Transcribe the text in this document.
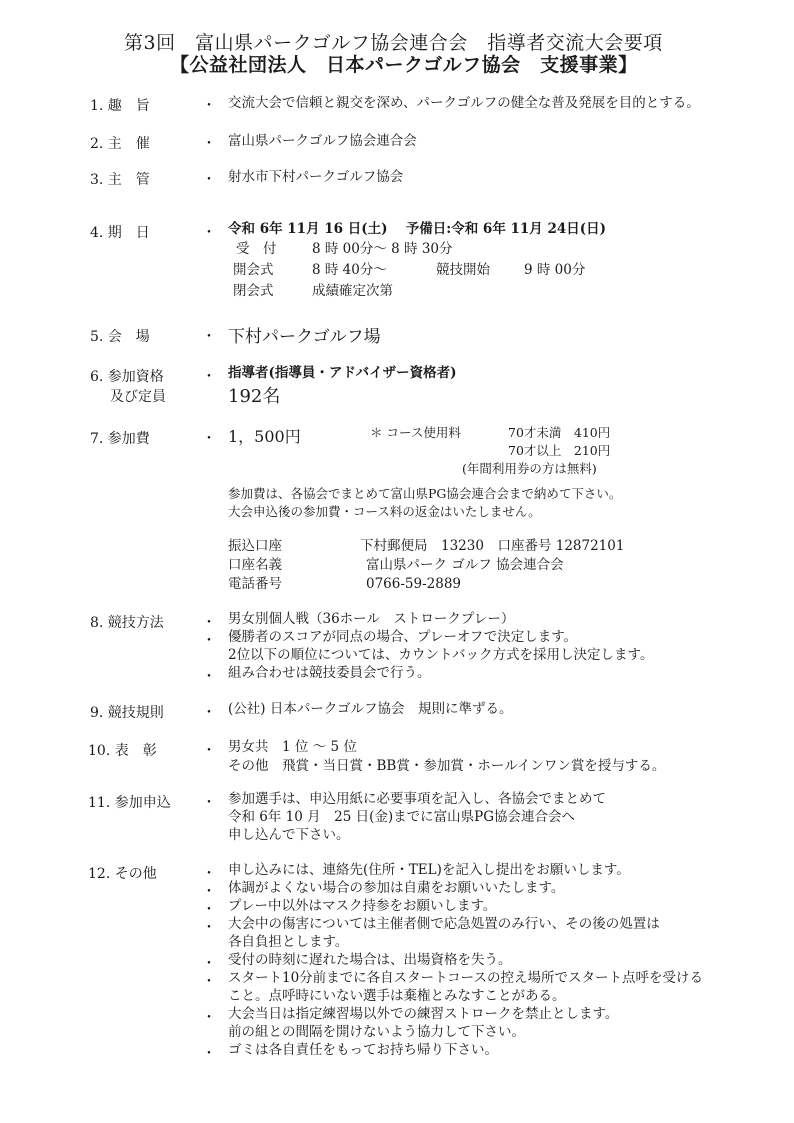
第3回　富山県パークゴルフ協会連合会　指導者交流大会要項
【公益社団法人　日本パークゴルフ協会　支援事業】
1. 趣　旨	・ 交流大会で信頼と親交を深め、パークゴルフの健全な普及発展を目的とする。
2. 主　催	・ 富山県パークゴルフ協会連合会
3. 主　管	・ 射水市下村パークゴルフ協会
4. 期　日	・ 令和 6年 11月 16 日(土)　 予備日:令和 6年 11月 24日(日)
受　付	8 時 00分～ 8 時 30分
開会式	8 時 40分～	競技開始	9 時 00分
閉会式	成績確定次第
5. 会　場	・ 下村パークゴルフ場
6. 参加資格
及び定員
・ 指導者(指導員・アドバイザー資格者)
192名
7. 参加費	・ 1，500円	＊ コース使用料	70才未満　410円
70才以上　210円
(年間利用券の方は無料)
参加費は、各協会でまとめて富山県PG協会連合会まで納めて下さい。
大会申込後の参加費・コース料の返金はいたしません。
振込口座	下村郵便局　13230　口座番号 12872101
口座名義	富山県パーク ゴルフ 協会連合会
電話番号	0766-59-2889
8. 競技方法	・ 男女別個人戦（36ホール　ストロークプレー）
・ 優勝者のスコアが同点の場合、プレーオフで決定します。
2位以下の順位については、カウントバック方式を採用し決定します。
・ 組み合わせは競技委員会で行う。
9. 競技規則	・ (公社) 日本パークゴルフ協会　規則に準ずる。
10. 表　彰	・ 男女共　1 位 ～ 5 位
その他　飛賞・当日賞・BB賞・参加賞・ホールインワン賞を授与する。
11. 参加申込 ・ 参加選手は、申込用紙に必要事項を記入し、各協会でまとめて
令和 6年 10 月　25 日(金)までに富山県PG協会連合会へ
申し込んで下さい。
12. その他	・ 申し込みには、連絡先(住所・TEL)を記入し提出をお願いします。
・ 体調がよくない場合の参加は自粛をお願いいたします。
・ プレー中以外はマスク持参をお願いします。
・ 大会中の傷害については主催者側で応急処置のみ行い、その後の処置は
各自負担とします。
・ 受付の時刻に遅れた場合は、出場資格を失う。
・ スタート10分前までに各自スタートコースの控え場所でスタート点呼を受ける
こと。点呼時にいない選手は棄権とみなすことがある。
・ 大会当日は指定練習場以外での練習ストロークを禁止とします。
前の組との間隔を開けないよう協力して下さい。
・ ゴミは各自責任をもってお持ち帰り下さい。
